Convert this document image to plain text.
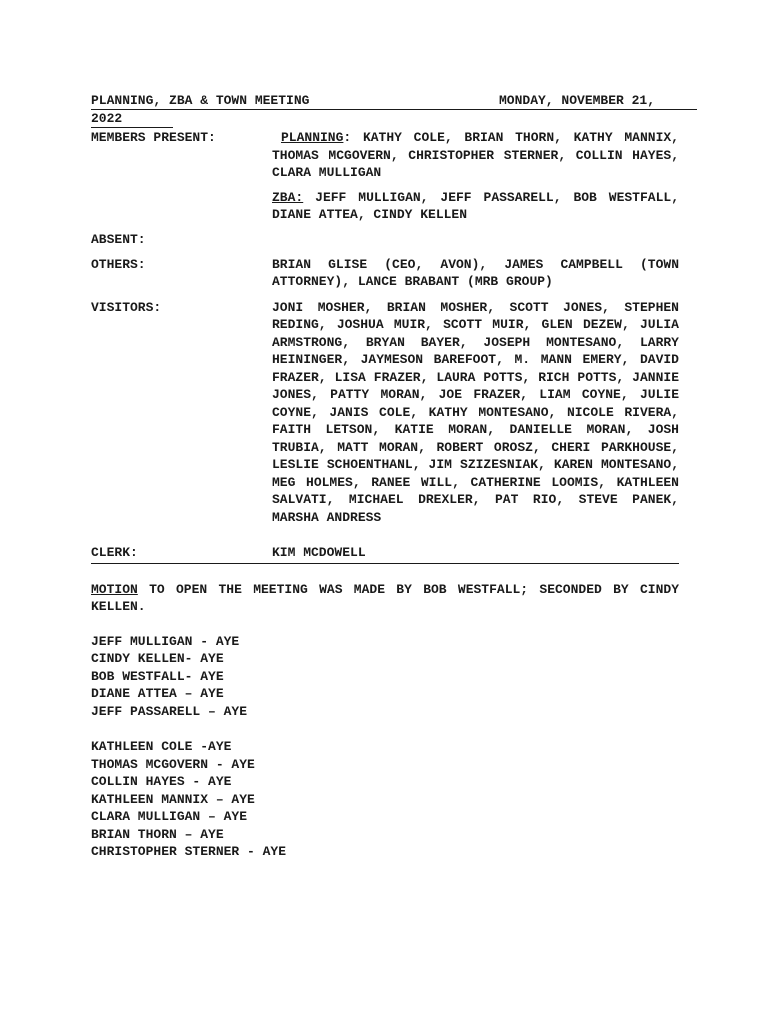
PLANNING, ZBA & TOWN MEETING	MONDAY, NOVEMBER 21,
2022
MEMBERS PRESENT:	PLANNING: KATHY COLE, BRIAN THORN, KATHY MANNIX, THOMAS MCGOVERN, CHRISTOPHER STERNER, COLLIN HAYES, CLARA MULLIGAN
ZBA: JEFF MULLIGAN, JEFF PASSARELL, BOB WESTFALL, DIANE ATTEA, CINDY KELLEN
ABSENT:
OTHERS:	BRIAN GLISE (CEO, AVON), JAMES CAMPBELL (TOWN ATTORNEY), LANCE BRABANT (MRB GROUP)
VISITORS:	JONI MOSHER, BRIAN MOSHER, SCOTT JONES, STEPHEN REDING, JOSHUA MUIR, SCOTT MUIR, GLEN DEZEW, JULIA ARMSTRONG, BRYAN BAYER, JOSEPH MONTESANO, LARRY HEININGER, JAYMESON BAREFOOT, M. MANN EMERY, DAVID FRAZER, LISA FRAZER, LAURA POTTS, RICH POTTS, JANNIE JONES, PATTY MORAN, JOE FRAZER, LIAM COYNE, JULIE COYNE, JANIS COLE, KATHY MONTESANO, NICOLE RIVERA, FAITH LETSON, KATIE MORAN, DANIELLE MORAN, JOSH TRUBIA, MATT MORAN, ROBERT OROSZ, CHERI PARKHOUSE, LESLIE SCHOENTHANL, JIM SZIZESNIAK, KAREN MONTESANO, MEG HOLMES, RANEE WILL, CATHERINE LOOMIS, KATHLEEN SALVATI, MICHAEL DREXLER, PAT RIO, STEVE PANEK, MARSHA ANDRESS
CLERK:	KIM MCDOWELL
MOTION TO OPEN THE MEETING WAS MADE BY BOB WESTFALL; SECONDED BY CINDY KELLEN.
JEFF MULLIGAN - AYE
CINDY KELLEN- AYE
BOB WESTFALL- AYE
DIANE ATTEA – AYE
JEFF PASSARELL – AYE
KATHLEEN COLE -AYE
THOMAS MCGOVERN - AYE
COLLIN HAYES - AYE
KATHLEEN MANNIX – AYE
CLARA MULLIGAN – AYE
BRIAN THORN – AYE
CHRISTOPHER STERNER - AYE
